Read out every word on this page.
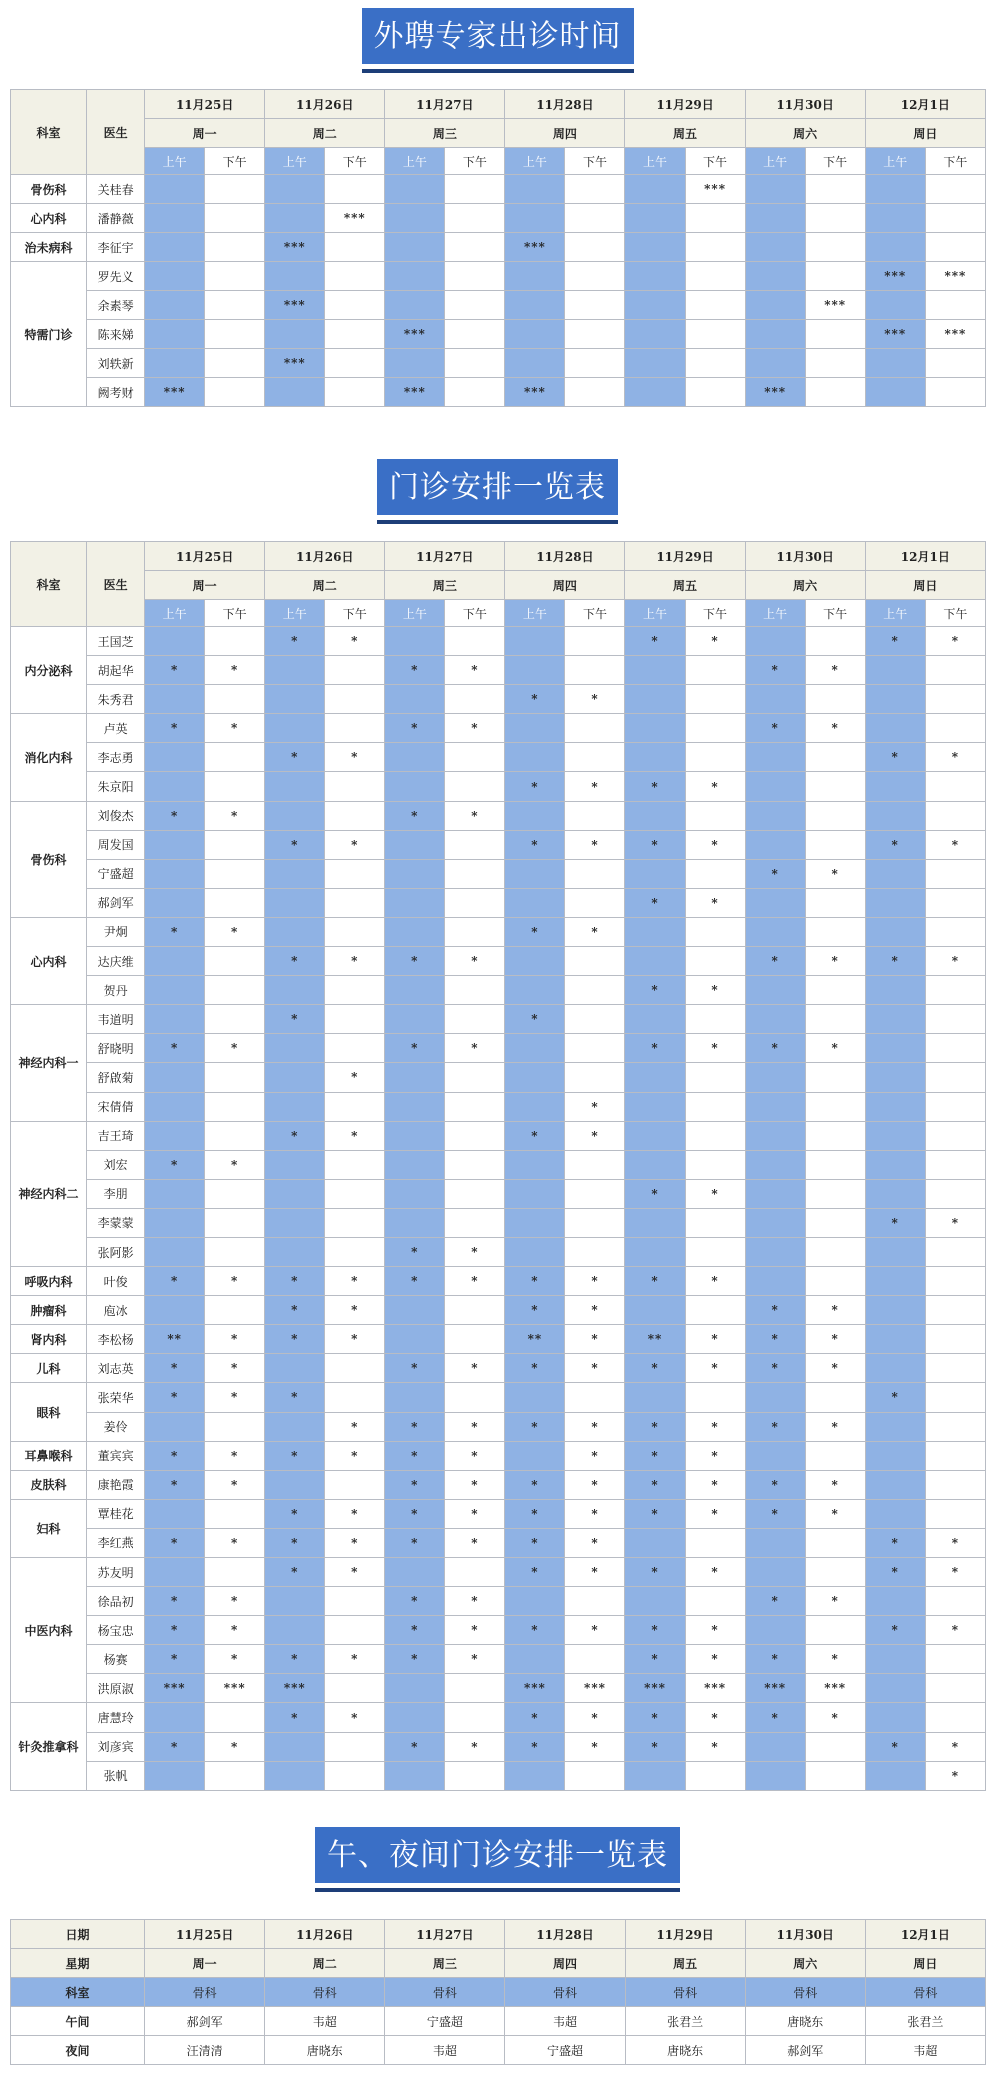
外聘专家出诊时间
科室	医生	11月25日		11月26日		11月27日		11月28日		11月29日		11月30日		12月1日	
		周一		周二		周三		周四		周五		周六		周日	
		上午	下午	上午	下午	上午	下午	上午	下午	上午	下午	上午	下午	上午	下午
骨伤科	关桂春										***				
心内科	潘静薇				***										
治未病科	李征宇			***				***							
特需门诊	罗先义													***	***
	余素琴			***									***		
	陈来娣					***								***	***
	刘轶新			***											
	阙考财	***				***		***				***			
门诊安排一览表
科室	医生	11月25日		11月26日		11月27日		11月28日		11月29日		11月30日		12月1日	
		周一		周二		周三		周四		周五		周六		周日	
		上午	下午	上午	下午	上午	下午	上午	下午	上午	下午	上午	下午	上午	下午
内分泌科	王国芝			*	*					*	*			*	*
	胡起华	*	*			*	*					*	*		
	朱秀君							*	*						
消化内科	卢英	*	*			*	*					*	*		
	李志勇			*	*									*	*
	朱京阳							*	*	*	*				
骨伤科	刘俊杰	*	*			*	*								
	周发国			*	*			*	*	*	*			*	*
	宁盛超											*	*		
	郝剑军									*	*				
心内科	尹炯	*	*					*	*						
	达庆维			*	*	*	*					*	*	*	*
	贺丹									*	*				
神经内科一	韦道明			*				*							
	舒晓明	*	*			*	*			*	*	*	*		
	舒啟菊				*										
	宋倩倩								*						
神经内科二	吉王琦			*	*			*	*						
	刘宏	*	*												
	李朋									*	*				
	李蒙蒙													*	*
	张阿影					*	*								
呼吸内科	叶俊	*	*	*	*	*	*	*	*	*	*				
肿瘤科	庖冰			*	*			*	*			*	*		
肾内科	李松杨	**	*	*	*			**	*	**	*	*	*		
儿科	刘志英	*	*			*	*	*	*	*	*	*	*		
眼科	张荣华	*	*	*										*	
	姜伶				*	*	*	*	*	*	*	*	*		
耳鼻喉科	董宾宾	*	*	*	*	*	*		*	*	*				
皮肤科	康艳霞	*	*			*	*	*	*	*	*	*	*		
妇科	覃桂花			*	*	*	*	*	*	*	*	*	*		
	李红燕	*	*	*	*	*	*	*	*					*	*
中医内科	苏友明			*	*			*	*	*	*			*	*
	徐品初	*	*			*	*					*	*		
	杨宝忠	*	*			*	*	*	*	*	*			*	*
	杨赛	*	*	*	*	*	*			*	*	*	*		
	洪原淑	***	***	***				***	***	***	***	***	***		
针灸推拿科	唐慧玲			*	*			*	*	*	*	*	*		
	刘彦宾	*	*			*	*	*	*	*	*			*	*
	张帆														*
午、夜间门诊安排一览表
日期	11月25日	11月26日	11月27日	11月28日	11月29日	11月30日	12月1日
星期	周一	周二	周三	周四	周五	周六	周日
科室	骨科	骨科	骨科	骨科	骨科	骨科	骨科
午间	郝剑军	韦超	宁盛超	韦超	张君兰	唐晓东	张君兰
夜间	汪清清	唐晓东	韦超	宁盛超	唐晓东	郝剑军	韦超
